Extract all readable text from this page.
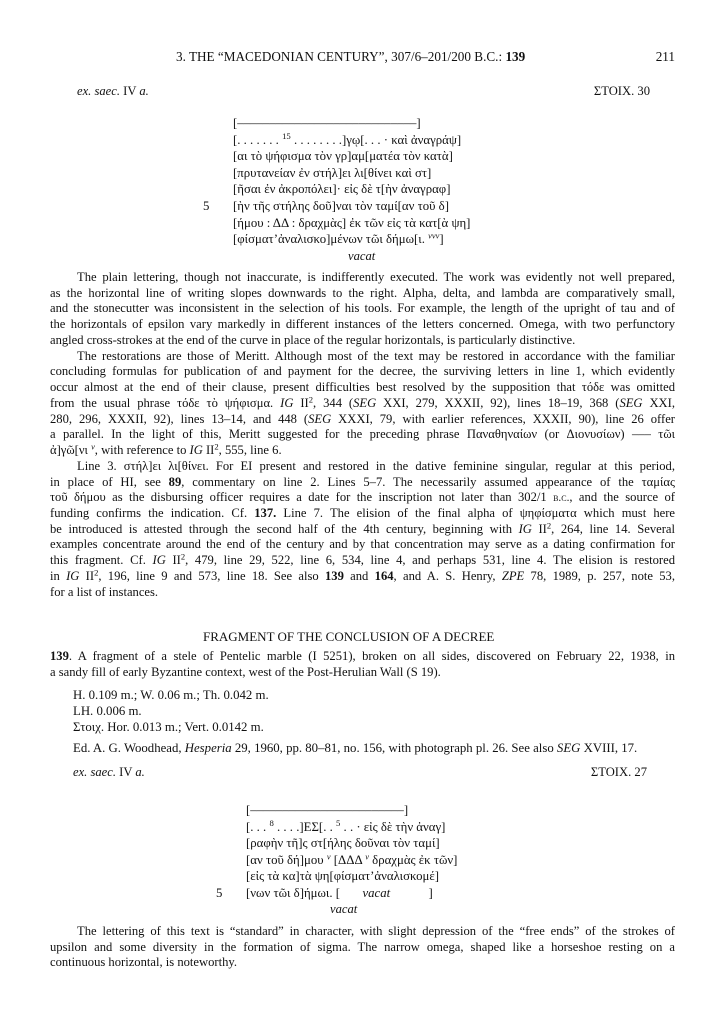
3. THE “MACEDONIAN CENTURY”, 307/6–201/200 B.C.: 139	211
ex. saec. IV a.	ΣΤΟΙΧ. 30
[––––––––––––––––––––––––––––]
[. . . . . . . $^{15}$ . . . . . . . .]γῳ[. . . · καὶ ἀναγράψ]
[αι τὸ ψήφισμα τὸν γρ]αμ[ματέα τὸν κατὰ]
[πρυτανείαν ἐν στήλ]ει λι[θίνει καὶ στ]
[ῆσαι ἐν ἀκροπόλει]· εἰς δὲ τ[ὴν ἀναγραφ]
[ὴν τῆς στήλης δοῦ]ναι τὸν ταμί[αν τοῦ δ]
5
[ήμου : ΔΔ : δραχμὰς] ἐκ τῶν εἰς τὰ κατ[ὰ ψη]
[φίσματ’ἀναλισκο]μένων τῶι δήμω[ι. $^{vvv}$]
vacat
The plain lettering, though not inaccurate, is indifferently executed. The work was evidently not well prepared,
as the horizontal line of writing slopes downwards to the right. Alpha, delta, and lambda are comparatively small,
and the stonecutter was inconsistent in the selection of his tools. For example, the length of the upright of tau and of
the horizontals of epsilon vary markedly in different instances of the letters concerned. Omega, with two perfunctory
angled cross-strokes at the end of the curve in place of the regular horizontals, is particularly distinctive.
The restorations are those of Meritt. Although most of the text may be restored in accordance with the familiar
concluding formulas for publication of and payment for the decree, the surviving letters in line 1, which evidently
occur almost at the end of their clause, present difficulties best resolved by the supposition that τόδε was omitted
from the usual phrase τόδε τὸ ψήφισμα. IG $II^2$, 344 (SEG XXI, 279, XXXII, 92), lines 18–19, 368 (SEG XXI,
280, 296, XXXII, 92), lines 13–14, and 448 (SEG XXXI, 79, with earlier references, XXXII, 90), line 26 offer
a parallel. In the light of this, Meritt suggested for the preceding phrase Παναθηναίων (or Διονυσίων) ‒‒‒ τῶι
ἀ]γῶ[νι $^v$, with reference to IG $II^2$, 555, line 6.
Line 3. στήλ]ει λι[θίνει. For EI present and restored in the dative feminine singular, regular at this period,
in place of HI, see 89, commentary on line 2. Lines 5–7. The necessarily assumed appearance of the ταμίας
τοῦ δήμου as the disbursing officer requires a date for the inscription not later than 302/1 b.c., and the source of
funding confirms the indication. Cf. 137. Line 7. The elision of the final alpha of ψηφίσματα which must here
be introduced is attested through the second half of the 4th century, beginning with IG $II^2$, 264, line 14. Several
examples concentrate around the end of the century and by that concentration may serve as a dating confirmation for
this fragment. Cf. IG $II^2$, 479, line 29, 522, line 6, 534, line 4, and perhaps 531, line 4. The elision is restored
in IG $II^2$, 196, line 9 and 573, line 18. See also 139 and 164, and A. S. Henry, ZPE 78, 1989, p. 257, note 53,
for a list of instances.
FRAGMENT OF THE CONCLUSION OF A DECREE
139. A fragment of a stele of Pentelic marble (I 5251), broken on all sides, discovered on February 22, 1938, in
a sandy fill of early Byzantine context, west of the Post-Herulian Wall (S 19).
H. 0.109 m.; W. 0.06 m.; Th. 0.042 m.
LH. 0.006 m.
Στοιχ. Hor. 0.013 m.; Vert. 0.0142 m.
Ed. A. G. Woodhead, Hesperia 29, 1960, pp. 80–81, no. 156, with photograph pl. 26. See also SEG XVIII, 17.
ex. saec. IV a.	ΣΤΟΙΧ. 27
[––––––––––––––––––––––––]
[. . . $^8$ . . . .]ΕΣ[. . $^5$ . . · εἰς δὲ τὴν ἀναγ]
[ραφὴν τῆ]ς στ[ήλης δοῦναι τὸν ταμί]
[αν τοῦ δή]μου $^v$ [ΔΔΔ $^v$ δραχμὰς ἐκ τῶν]
[εἰς τὰ κα]τὰ ψη[φίσματ’ἀναλισκομέ]
[νων τῶι δ]ήμωι. [       vacat            ]
5
vacat
The lettering of this text is “standard” in character, with slight depression of the “free ends” of the strokes of
upsilon and some diversity in the formation of sigma. The narrow omega, shaped like a horseshoe resting on a
continuous horizontal, is noteworthy.
